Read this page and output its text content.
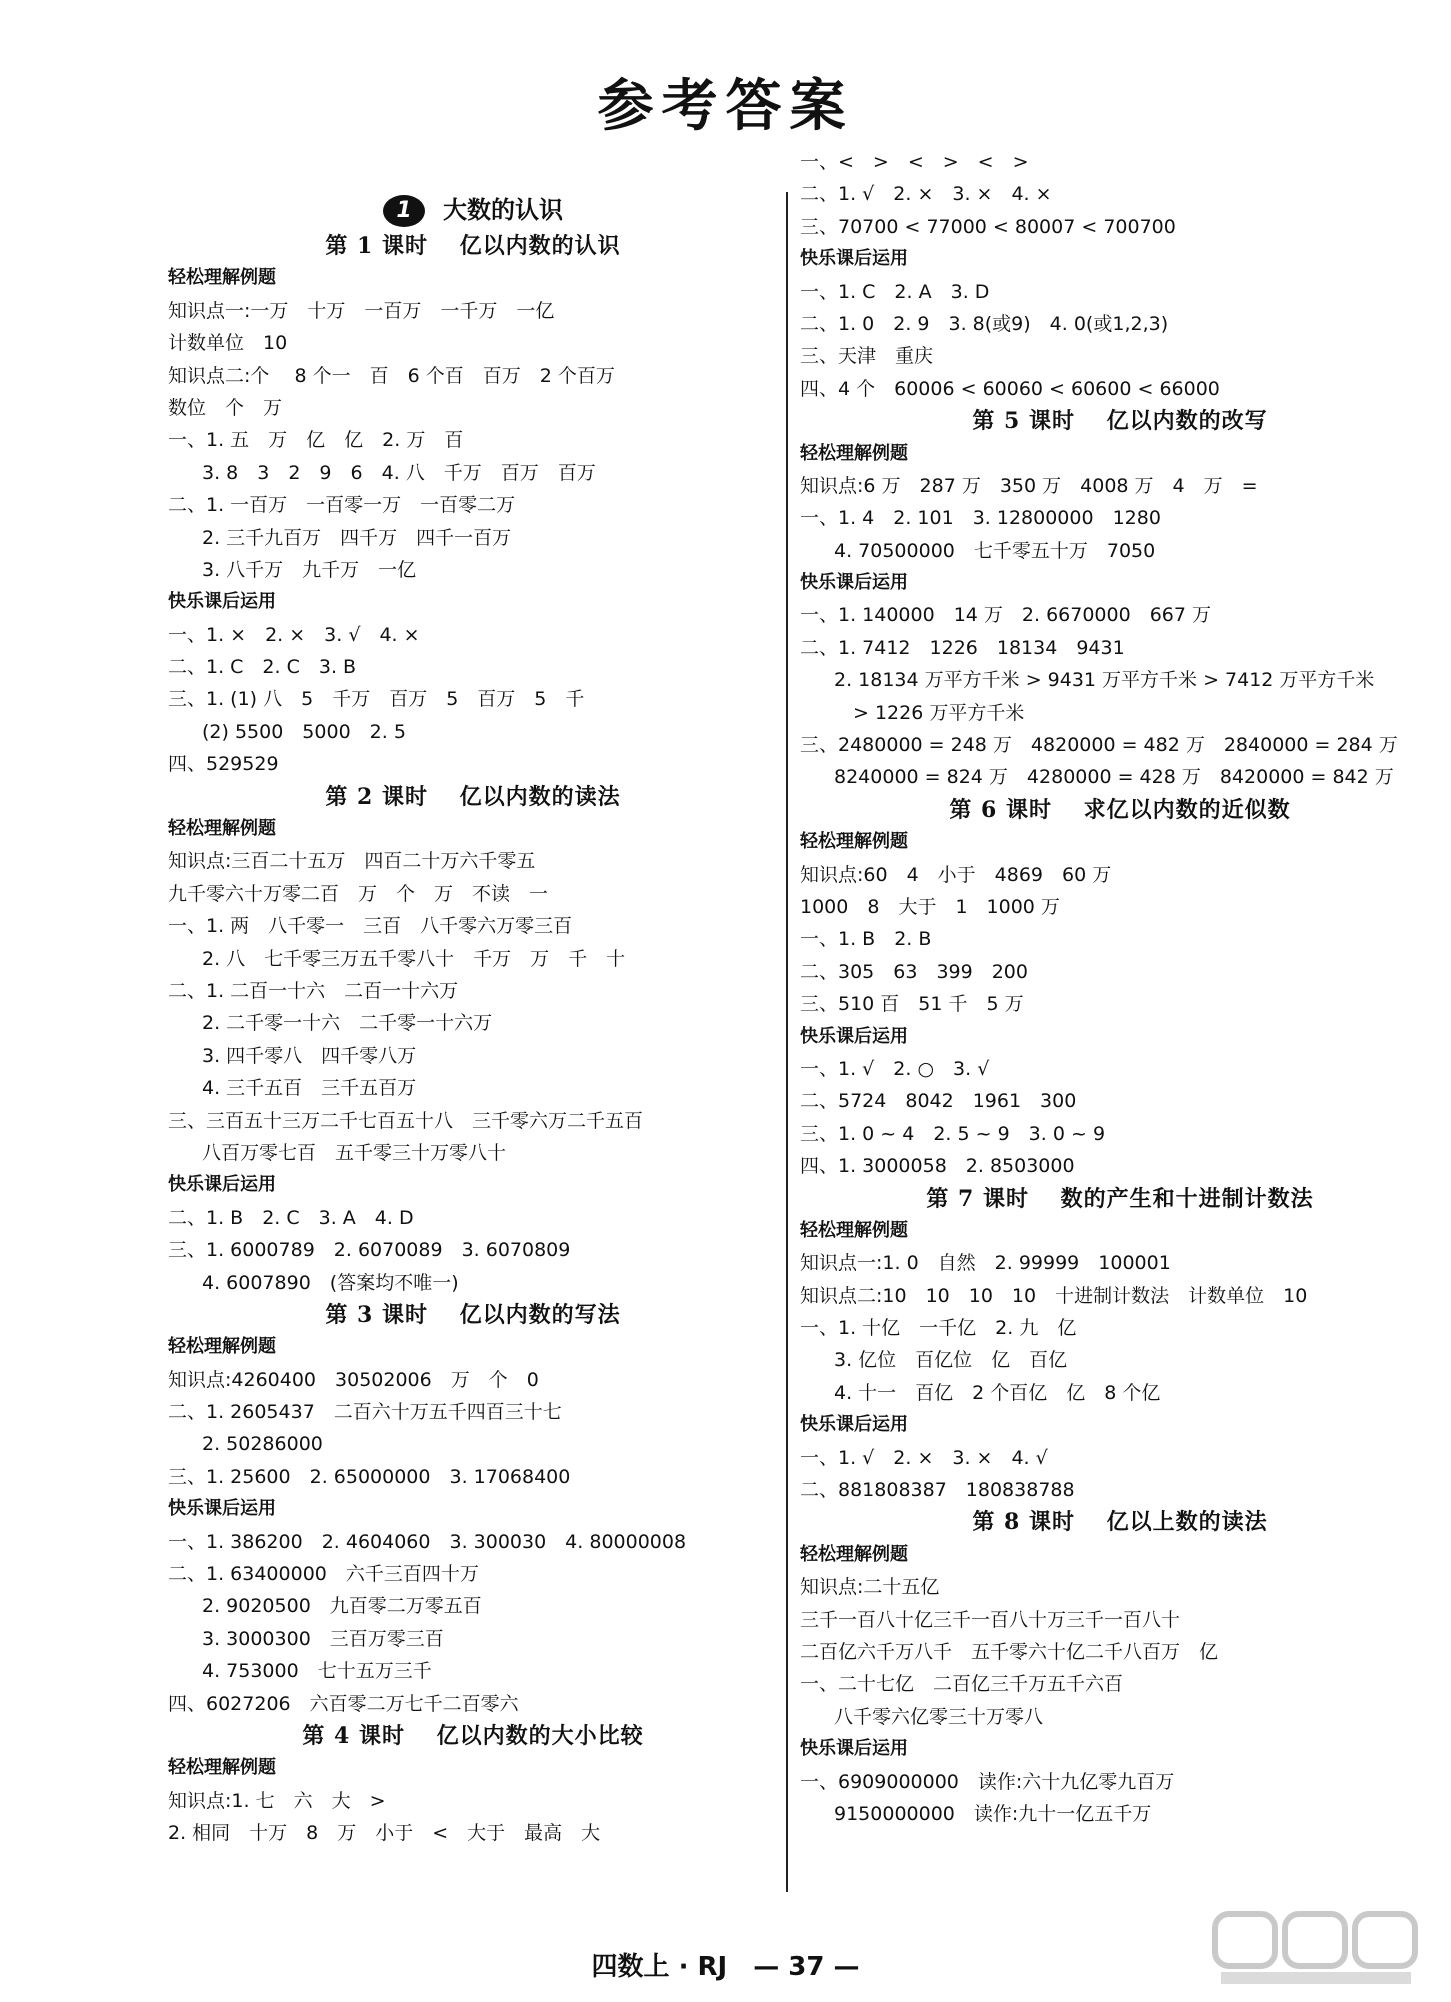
参考答案
1 大数的认识
第 1 课时　 亿以内数的认识
轻松理解例题
知识点一:一万　十万　一百万　一千万　一亿
计数单位　10
知识点二:个　 8 个一　百　6 个百　百万　2 个百万
数位　个　万
一、1. 五　万　亿　亿　2. 万　百
3. 8　3　2　9　6　4. 八　千万　百万　百万
二、1. 一百万　一百零一万　一百零二万
2. 三千九百万　四千万　四千一百万
3. 八千万　九千万　一亿
快乐课后运用
一、1. ×　2. ×　3. √　4. ×
二、1. C　2. C　3. B
三、1. (1) 八　5　千万　百万　5　百万　5　千
(2) 5500　5000　2. 5
四、529529
第 2 课时　 亿以内数的读法
轻松理解例题
知识点:三百二十五万　四百二十万六千零五
九千零六十万零二百　万　个　万　不读　一
一、1. 两　八千零一　三百　八千零六万零三百
2. 八　七千零三万五千零八十　千万　万　千　十
二、1. 二百一十六　二百一十六万
2. 二千零一十六　二千零一十六万
3. 四千零八　四千零八万
4. 三千五百　三千五百万
三、三百五十三万二千七百五十八　三千零六万二千五百
八百万零七百　五千零三十万零八十
快乐课后运用
二、1. B　2. C　3. A　4. D
三、1. 6000789　2. 6070089　3. 6070809
4. 6007890　(答案均不唯一)
第 3 课时　 亿以内数的写法
轻松理解例题
知识点:4260400　30502006　万　个　0
二、1. 2605437　二百六十万五千四百三十七
2. 50286000
三、1. 25600　2. 65000000　3. 17068400
快乐课后运用
一、1. 386200　2. 4604060　3. 300030　4. 80000008
二、1. 63400000　六千三百四十万
2. 9020500　九百零二万零五百
3. 3000300　三百万零三百
4. 753000　七十五万三千
四、6027206　六百零二万七千二百零六
第 4 课时　 亿以内数的大小比较
轻松理解例题
知识点:1. 七　六　大　>
2. 相同　十万　8　万　小于　<　大于　最高　大
一、<　>　<　>　<　>
二、1. √　2. ×　3. ×　4. ×
三、70700 < 77000 < 80007 < 700700
快乐课后运用
一、1. C　2. A　3. D
二、1. 0　2. 9　3. 8(或9)　4. 0(或1,2,3)
三、天津　重庆
四、4 个　60006 < 60060 < 60600 < 66000
第 5 课时　 亿以内数的改写
轻松理解例题
知识点:6 万　287 万　350 万　4008 万　4　万　=
一、1. 4　2. 101　3. 12800000　1280
4. 70500000　七千零五十万　7050
快乐课后运用
一、1. 140000　14 万　2. 6670000　667 万
二、1. 7412　1226　18134　9431
2. 18134 万平方千米 > 9431 万平方千米 > 7412 万平方千米
　> 1226 万平方千米
三、2480000 = 248 万　4820000 = 482 万　2840000 = 284 万
8240000 = 824 万　4280000 = 428 万　8420000 = 842 万
第 6 课时　 求亿以内数的近似数
轻松理解例题
知识点:60　4　小于　4869　60 万
1000　8　大于　1　1000 万
一、1. B　2. B
二、305　63　399　200
三、510 百　51 千　5 万
快乐课后运用
一、1. √　2. ○　3. √
二、5724　8042　1961　300
三、1. 0 ~ 4　2. 5 ~ 9　3. 0 ~ 9
四、1. 3000058　2. 8503000
第 7 课时　 数的产生和十进制计数法
轻松理解例题
知识点一:1. 0　自然　2. 99999　100001
知识点二:10　10　10　10　十进制计数法　计数单位　10
一、1. 十亿　一千亿　2. 九　亿
3. 亿位　百亿位　亿　百亿
4. 十一　百亿　2 个百亿　亿　8 个亿
快乐课后运用
一、1. √　2. ×　3. ×　4. √
二、881808387　180838788
第 8 课时　 亿以上数的读法
轻松理解例题
知识点:二十五亿
三千一百八十亿三千一百八十万三千一百八十
二百亿六千万八千　五千零六十亿二千八百万　亿
一、二十七亿　二百亿三千万五千六百
八千零六亿零三十万零八
快乐课后运用
一、6909000000　读作:六十九亿零九百万
9150000000　读作:九十一亿五千万
四数上 · RJ　— 37 —
